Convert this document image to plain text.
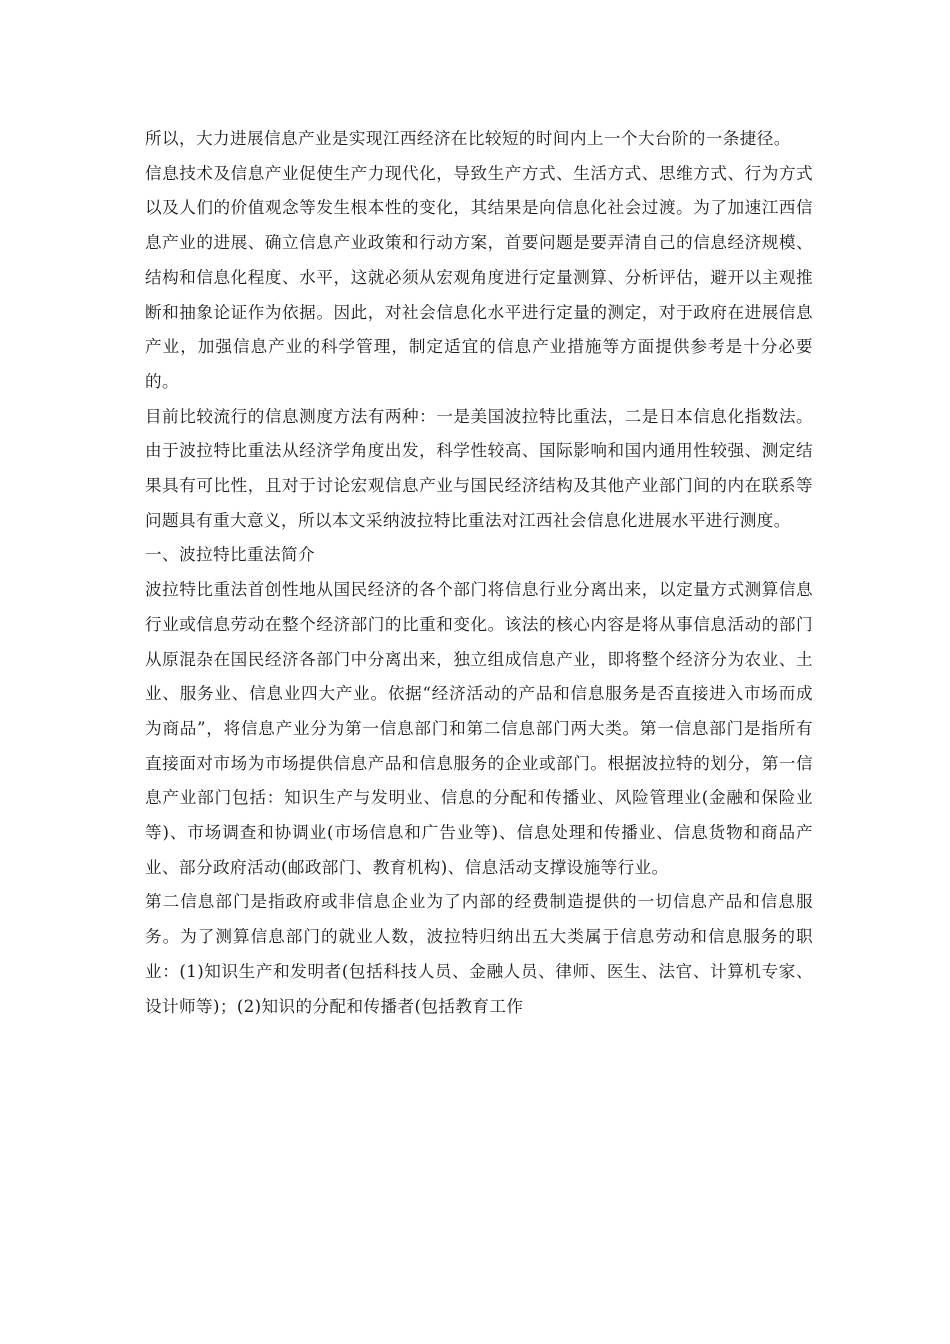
所以，大力进展信息产业是实现江西经济在比较短的时间内上一个大台阶的一条捷径。

信息技术及信息产业促使生产力现代化，导致生产方式、生活方式、思维方式、行为方式以及人们的价值观念等发生根本性的变化，其结果是向信息化社会过渡。为了加速江西信息产业的进展、确立信息产业政策和行动方案，首要问题是要弄清自己的信息经济规模、结构和信息化程度、水平，这就必须从宏观角度进行定量测算、分析评估，避开以主观推断和抽象论证作为依据。因此，对社会信息化水平进行定量的测定，对于政府在进展信息产业，加强信息产业的科学管理，制定适宜的信息产业措施等方面提供参考是十分必要的。

目前比较流行的信息测度方法有两种：一是美国波拉特比重法，二是日本信息化指数法。由于波拉特比重法从经济学角度出发，科学性较高、国际影响和国内通用性较强、测定结果具有可比性，且对于讨论宏观信息产业与国民经济结构及其他产业部门间的内在联系等问题具有重大意义，所以本文采纳波拉特比重法对江西社会信息化进展水平进行测度。

一、波拉特比重法简介

波拉特比重法首创性地从国民经济的各个部门将信息行业分离出来，以定量方式测算信息行业或信息劳动在整个经济部门的比重和变化。该法的核心内容是将从事信息活动的部门从原混杂在国民经济各部门中分离出来，独立组成信息产业，即将整个经济分为农业、土业、服务业、信息业四大产业。依据“经济活动的产品和信息服务是否直接进入市场而成为商品”，将信息产业分为第一信息部门和第二信息部门两大类。第一信息部门是指所有直接面对市场为市场提供信息产品和信息服务的企业或部门。根据波拉特的划分，第一信息产业部门包括：知识生产与发明业、信息的分配和传播业、风险管理业(金融和保险业等)、市场调查和协调业(市场信息和广告业等)、信息处理和传播业、信息货物和商品产业、部分政府活动(邮政部门、教育机构)、信息活动支撑设施等行业。

第二信息部门是指政府或非信息企业为了内部的经费制造提供的一切信息产品和信息服务。为了测算信息部门的就业人数，波拉特归纳出五大类属于信息劳动和信息服务的职业：(1)知识生产和发明者(包括科技人员、金融人员、律师、医生、法官、计算机专家、设计师等)；(2)知识的分配和传播者(包括教育工作
